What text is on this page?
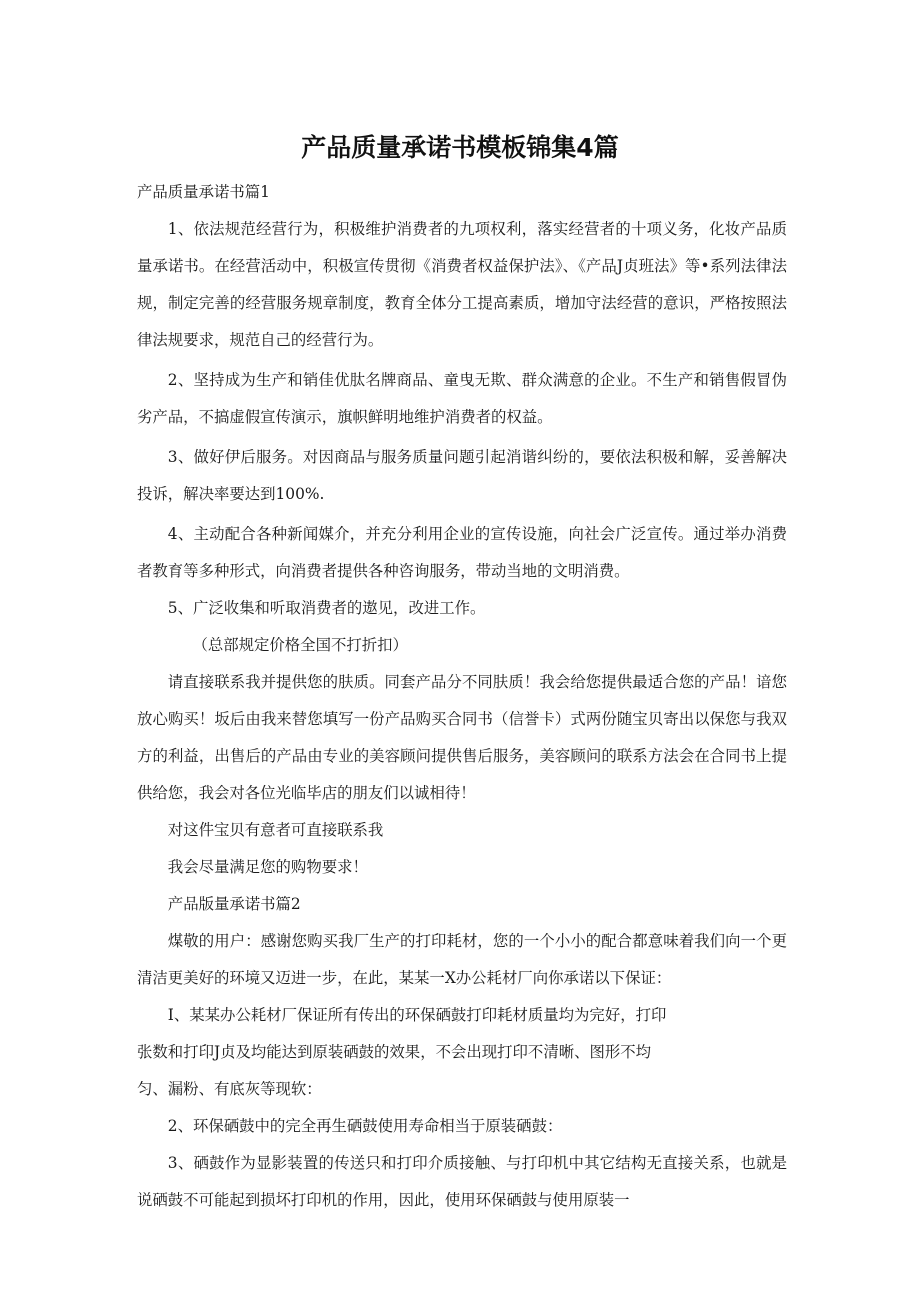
产品质量承诺书模板锦集4篇

产品质量承诺书篇1

1、依法规范经营行为，积极维护消费者的九项权利，落实经营者的十项义务，化妆产品质量承诺书。在经营活动中，积极宣传贯彻《消费者权益保护法》、《产品J贞班法》等•系列法律法规，制定完善的经营服务规章制度，教育全体分工提高素质，增加守法经营的意识，严格按照法律法规要求，规范自己的经营行为。

2、坚持成为生产和销佳优肽名牌商品、童曳无欺、群众满意的企业。不生产和销售假冒伪劣产品，不搞虚假宣传演示，旗帜鲜明地维护消费者的权益。

3、做好伊后服务。对因商品与服务质量问题引起消谐纠纷的，要依法积极和解，妥善解决投诉，解决率要达到100%.

4、主动配合各种新闻媒介，并充分利用企业的宣传设施，向社会广泛宣传。通过举办消费者教育等多种形式，向消费者提供各种咨询服务，带动当地的文明消费。

5、广泛收集和听取消费者的遨见，改进工作。

（总部规定价格全国不打折扣）

请直接联系我并提供您的肤质。同套产品分不同肤质！我会给您提供最适合您的产品！谙您放心购买！坂后由我来替您填写一份产品购买合同书（信誉卡）式两份随宝贝寄出以保您与我双方的利益，出售后的产品由专业的美容顾问提供售后服务，美容顾问的联系方法会在合同书上提供给您，我会对各位光临毕店的朋友们以诚相待！

对这件宝贝有意者可直接联系我

我会尽量满足您的购物要求！

产品版量承诺书篇2

煤敬的用户：感谢您购买我厂生产的打印耗材，您的一个小小的配合都意味着我们向一个更清洁更美好的环境又迈进一步，在此，某某一X办公耗材厂向你承诺以下保证：

I、某某办公耗材厂保证所有传出的环保硒鼓打印耗材质量均为完好，打印

张数和打印J贞及均能达到原装硒鼓的效果，不会出现打印不清晰、图形不均

匀、漏粉、有底灰等现软：

2、环保硒鼓中的完全再生硒鼓使用寿命相当于原装硒鼓：

3、硒鼓作为显影装置的传送只和打印介质接触、与打印机中其它结构无直接关系，也就是说硒鼓不可能起到损坏打印机的作用，因此，使用环保硒鼓与使用原装一
